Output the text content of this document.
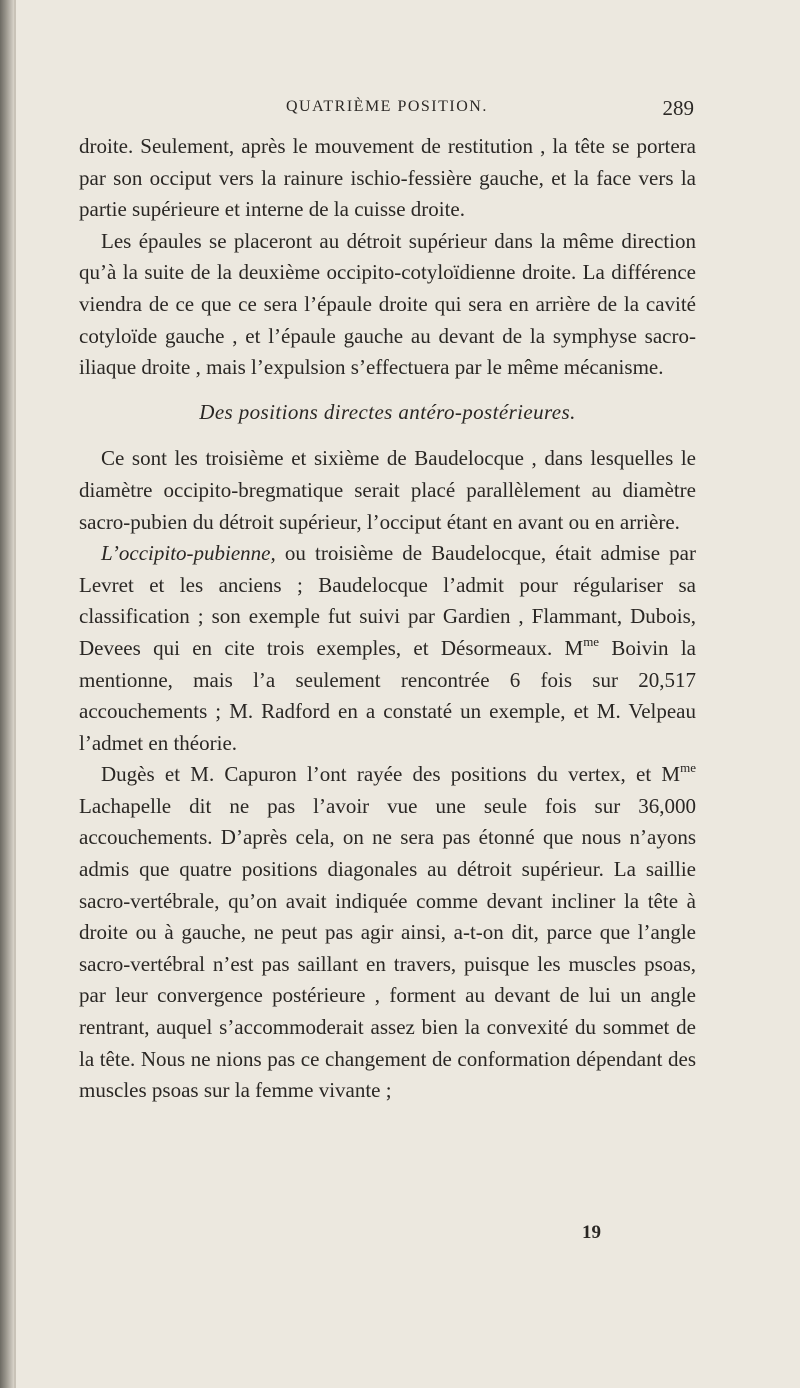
QUATRIÈME POSITION.	289

droite. Seulement, après le mouvement de restitution , la tête se portera par son occiput vers la rainure ischio-fessière gauche, et la face vers la partie supérieure et interne de la cuisse droite.

Les épaules se placeront au détroit supérieur dans la même direction qu’à la suite de la deuxième occipito-cotyloïdienne droite. La différence viendra de ce que ce sera l’épaule droite qui sera en arrière de la cavité cotyloïde gauche , et l’épaule gauche au devant de la symphyse sacro-iliaque droite , mais l’expulsion s’effectuera par le même mécanisme.

Des positions directes antéro-postérieures.

Ce sont les troisième et sixième de Baudelocque , dans lesquelles le diamètre occipito-bregmatique serait placé parallèlement au diamètre sacro-pubien du détroit supérieur, l’occiput étant en avant ou en arrière.

L’occipito-pubienne, ou troisième de Baudelocque, était admise par Levret et les anciens ; Baudelocque l’admit pour régulariser sa classification ; son exemple fut suivi par Gardien , Flammant, Dubois, Devees qui en cite trois exemples, et Désormeaux. $M^{me}$ Boivin la mentionne, mais l’a seulement rencontrée 6 fois sur 20,517 accouchements ; M. Radford en a constaté un exemple, et M. Velpeau l’admet en théorie.

Dugès et M. Capuron l’ont rayée des positions du vertex, et $M^{me}$ Lachapelle dit ne pas l’avoir vue une seule fois sur 36,000 accouchements. D’après cela, on ne sera pas étonné que nous n’ayons admis que quatre positions diagonales au détroit supérieur. La saillie sacro-vertébrale, qu’on avait indiquée comme devant incliner la tête à droite ou à gauche, ne peut pas agir ainsi, a-t-on dit, parce que l’angle sacro-vertébral n’est pas saillant en travers, puisque les muscles psoas, par leur convergence postérieure , forment au devant de lui un angle rentrant, auquel s’accommoderait assez bien la convexité du sommet de la tête. Nous ne nions pas ce changement de conformation dépendant des muscles psoas sur la femme vivante ;

19
